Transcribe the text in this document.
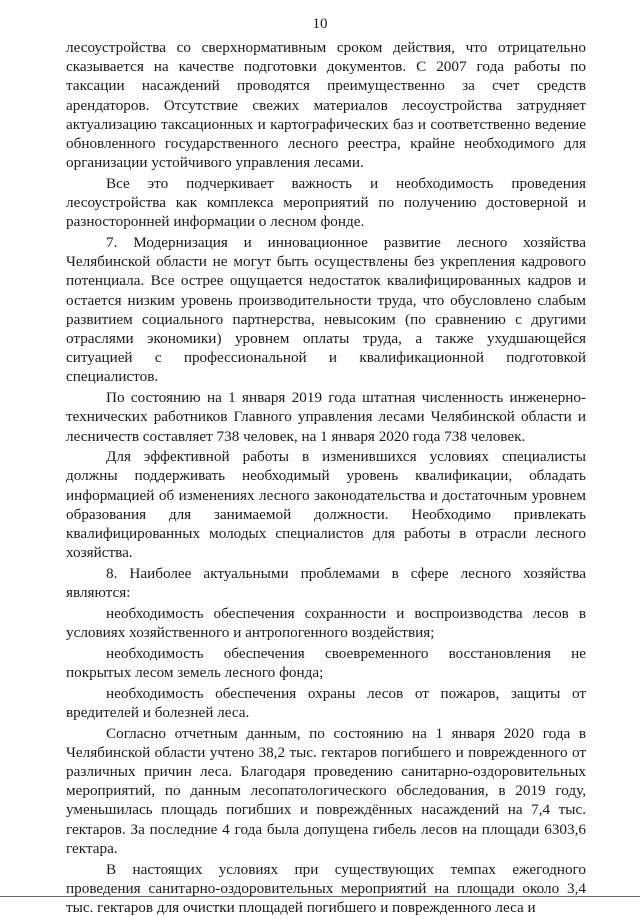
10

лесоустройства со сверхнормативным сроком действия, что отрицательно сказывается на качестве подготовки документов. С 2007 года работы по таксации насаждений проводятся преимущественно за счет средств арендаторов. Отсутствие свежих материалов лесоустройства затрудняет актуализацию таксационных и картографических баз и соответственно ведение обновленного государственного лесного реестра, крайне необходимого для организации устойчивого управления лесами.

Все это подчеркивает важность и необходимость проведения лесоустройства как комплекса мероприятий по получению достоверной и разносторонней информации о лесном фонде.

7. Модернизация и инновационное развитие лесного хозяйства Челябинской области не могут быть осуществлены без укрепления кадрового потенциала. Все острее ощущается недостаток квалифицированных кадров и остается низким уровень производительности труда, что обусловлено слабым развитием социального партнерства, невысоким (по сравнению с другими отраслями экономики) уровнем оплаты труда, а также ухудшающейся ситуацией с профессиональной и квалификационной подготовкой специалистов.

По состоянию на 1 января 2019 года штатная численность инженерно-технических работников Главного управления лесами Челябинской области и лесничеств составляет 738 человек, на 1 января 2020 года 738 человек.

Для эффективной работы в изменившихся условиях специалисты должны поддерживать необходимый уровень квалификации, обладать информацией об изменениях лесного законодательства и достаточным уровнем образования для занимаемой должности. Необходимо привлекать квалифицированных молодых специалистов для работы в отрасли лесного хозяйства.

8. Наиболее актуальными проблемами в сфере лесного хозяйства являются:

необходимость обеспечения сохранности и воспроизводства лесов в условиях хозяйственного и антропогенного воздействия;

необходимость обеспечения своевременного восстановления не покрытых лесом земель лесного фонда;

необходимость обеспечения охраны лесов от пожаров, защиты от вредителей и болезней леса.

Согласно отчетным данным, по состоянию на 1 января 2020 года в Челябинской области учтено 38,2 тыс. гектаров погибшего и поврежденного от различных причин леса. Благодаря проведению санитарно-оздоровительных мероприятий, по данным лесопатологического обследования, в 2019 году, уменьшилась площадь погибших и повреждённых насаждений на 7,4 тыс. гектаров. За последние 4 года была допущена гибель лесов на площади 6303,6 гектара.

В настоящих условиях при существующих темпах ежегодного проведения санитарно-оздоровительных мероприятий на площади около 3,4 тыс. гектаров для очистки площадей погибшего и поврежденного леса и
